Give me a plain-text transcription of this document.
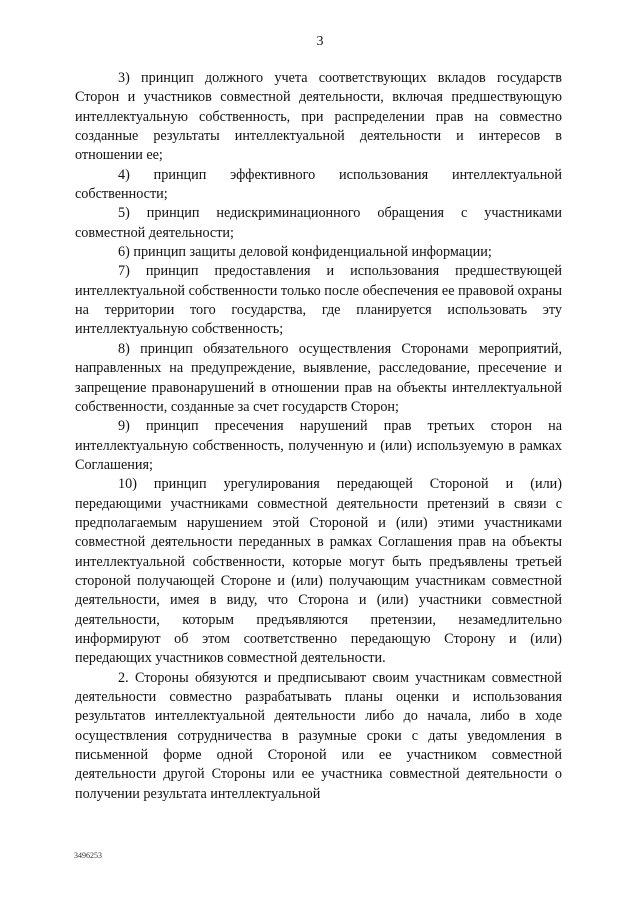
3

3) принцип должного учета соответствующих вкладов государств Сторон и участников совместной деятельности, включая предшествующую интеллектуальную собственность, при распределении прав на совместно созданные результаты интеллектуальной деятельности и интересов в отношении ее;

4) принцип эффективного использования интеллектуальной собственности;

5) принцип недискриминационного обращения с участниками совместной деятельности;

6) принцип защиты деловой конфиденциальной информации;

7) принцип предоставления и использования предшествующей интеллектуальной собственности только после обеспечения ее правовой охраны на территории того государства, где планируется использовать эту интеллектуальную собственность;

8) принцип обязательного осуществления Сторонами мероприятий, направленных на предупреждение, выявление, расследование, пресечение и запрещение правонарушений в отношении прав на объекты интеллектуальной собственности, созданные за счет государств Сторон;

9) принцип пресечения нарушений прав третьих сторон на интеллектуальную собственность, полученную и (или) используемую в рамках Соглашения;

10) принцип урегулирования передающей Стороной и (или) передающими участниками совместной деятельности претензий в связи с предполагаемым нарушением этой Стороной и (или) этими участниками совместной деятельности переданных в рамках Соглашения прав на объекты интеллектуальной собственности, которые могут быть предъявлены третьей стороной получающей Стороне и (или) получающим участникам совместной деятельности, имея в виду, что Сторона и (или) участники совместной деятельности, которым предъявляются претензии, незамедлительно информируют об этом соответственно передающую Сторону и (или) передающих участников совместной деятельности.

2. Стороны обязуются и предписывают своим участникам совместной деятельности совместно разрабатывать планы оценки и использования результатов интеллектуальной деятельности либо до начала, либо в ходе осуществления сотрудничества в разумные сроки с даты уведомления в письменной форме одной Стороной или ее участником совместной деятельности другой Стороны или ее участника совместной деятельности о получении результата интеллектуальной

3496253
